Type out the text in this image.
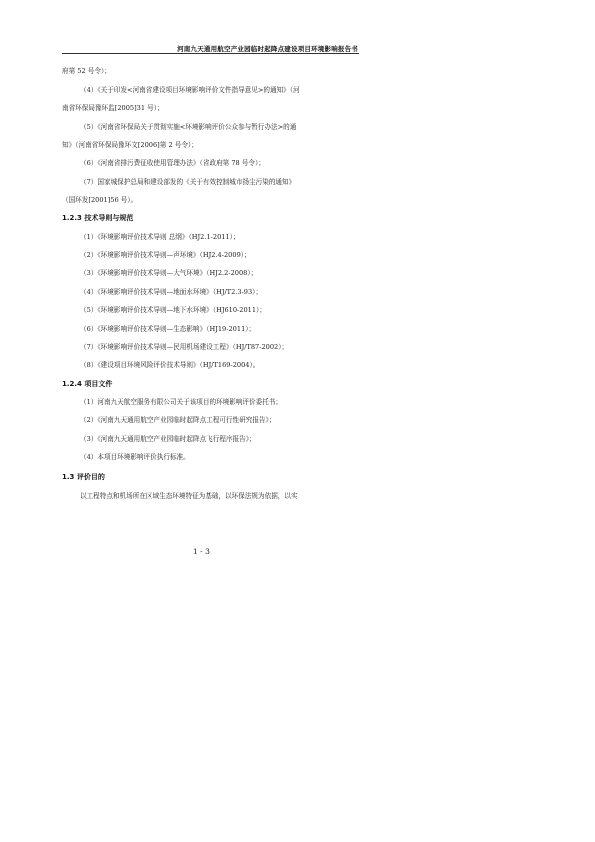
河南九天通用航空产业园临时起降点建设项目环境影响报告书
府第 52 号令）；
（4）《关于印发<河南省建设项目环境影响评价文件指导意见>的通知》（河
南省环保局豫环监[2005]31 号）；
（5）《河南省环保局关于贯彻实施<环境影响评价公众参与暂行办法>的通
知》（河南省环保局豫环文[2006]第 2 号令）；
（6）《河南省排污费征收使用管理办法》（省政府第 78 号令）；
（7）国家城保护总局和建设部发的《关于有效控制城市扬尘污染的通知》
（国环发[2001]56 号）。
1.2.3 技术导则与规范
（1）《环境影响评价技术导则 总纲》（HJ2.1-2011）；
（2）《环境影响评价技术导则—声环境》（HJ2.4-2009）；
（3）《环境影响评价技术导则—大气环境》（HJ2.2-2008）；
（4）《环境影响评价技术导则—地面水环境》（HJ/T2.3-93）；
（5）《环境影响评价技术导则—地下水环境》（HJ610-2011）；
（6）《环境影响评价技术导则—生态影响》（HJ19-2011）；
（7）《环境影响评价技术导则—民用机场建设工程》（HJ/T87-2002）；
（8）《建设项目环境风险评价技术导则》（HJ/T169-2004）。
1.2.4 项目文件
（1）河南九天航空服务有限公司关于该项目的环境影响评价委托书；
（2）《河南九天通用航空产业园临时起降点工程可行性研究报告》；
（3）《河南九天通用航空产业园临时起降点飞行程序报告》；
（4）本项目环境影响评价执行标准。
1.3 评价目的
以工程特点和机场所在区域生态环境特征为基础，以环保法规为依据，以实
1 - 3
